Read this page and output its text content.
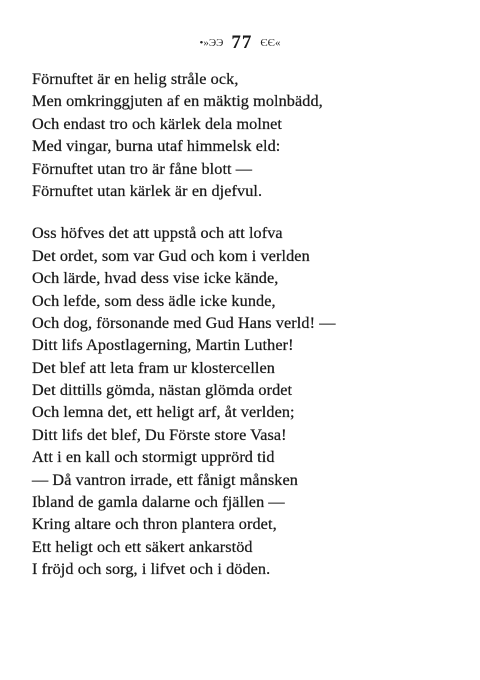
•»ЭЭ 77 ЄЄ«
Förnuftet är en helig stråle ock,
Men omkringgjuten af en mäktig molnbädd,
Och endast tro och kärlek dela molnet
Med vingar, burna utaf himmelsk eld:
Förnuftet utan tro är fåne blott —
Förnuftet utan kärlek är en djefvul.
Oss höfves det att uppstå och att lofva
Det ordet, som var Gud och kom i verlden
Och lärde, hvad dess vise icke kände,
Och lefde, som dess ädle icke kunde,
Och dog, försonande med Gud Hans verld! —
Ditt lifs Apostlagerning, Martin Luther!
Det blef att leta fram ur klostercellen
Det dittills gömda, nästan glömda ordet
Och lemna det, ett heligt arf, åt verlden;
Ditt lifs det blef, Du Förste store Vasa!
Att i en kall och stormigt upprörd tid
— Då vantron irrade, ett fånigt månsken
Ibland de gamla dalarne och fjällen —
Kring altare och thron plantera ordet,
Ett heligt och ett säkert ankarstöd
I fröjd och sorg, i lifvet och i döden.
